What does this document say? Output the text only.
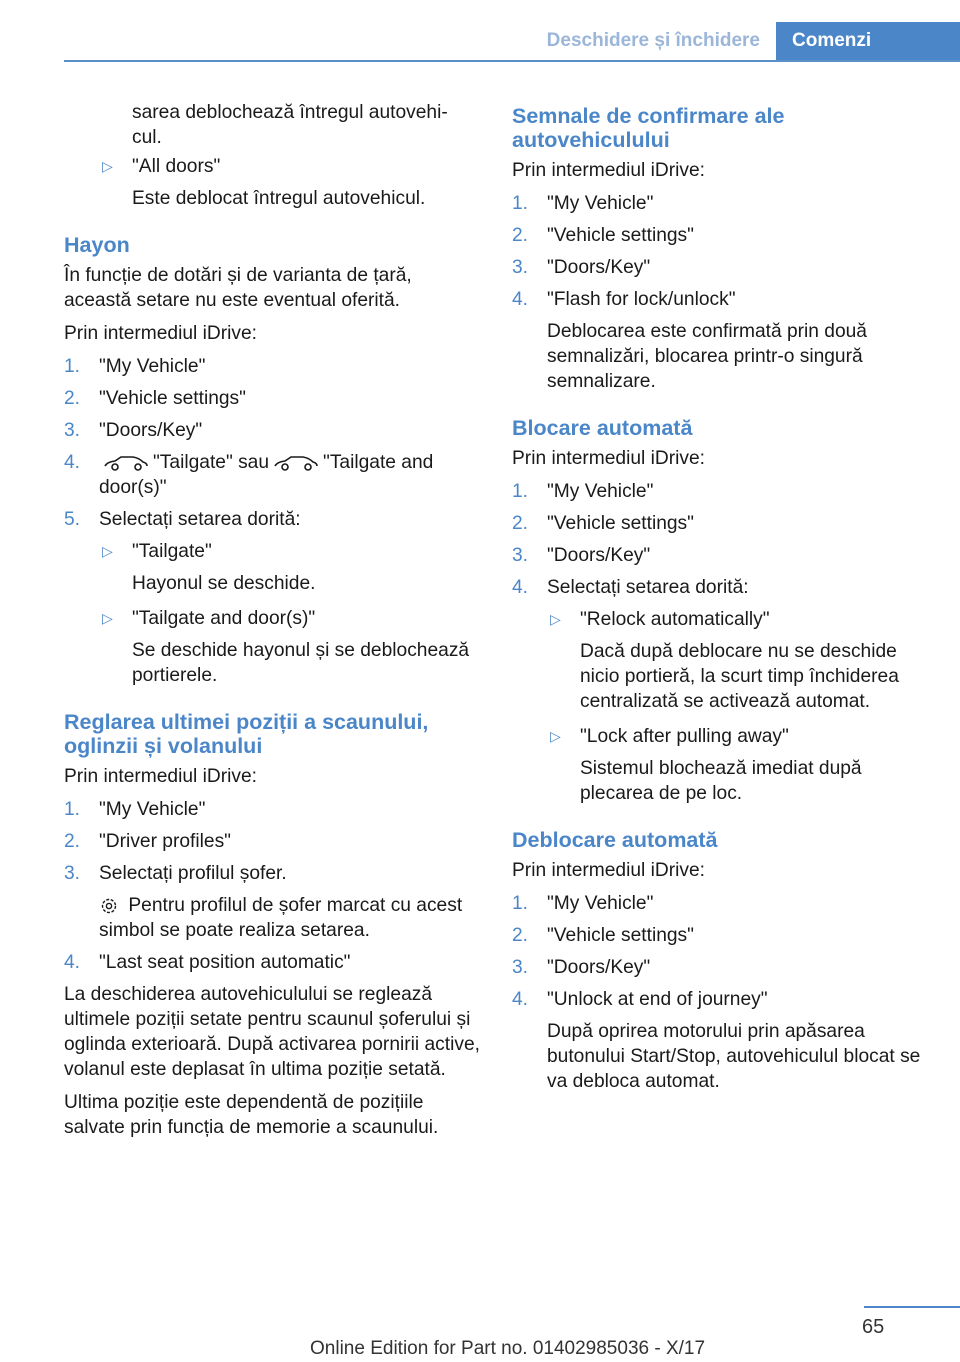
Deschidere și închidere	Comenzi
sarea deblochează întregul autovehi-
cul.
▷ "All doors"
Este deblocat întregul autovehicul.
Hayon

În funcție de dotări și de varianta de țară, această setare nu este eventual oferită.

Prin intermediul iDrive:

1. "My Vehicle"
2. "Vehicle settings"
3. "Doors/Key"
4.	"Tailgate" sau	"Tailgate and door(s)"
5. Selectați setarea dorită:
▷ "Tailgate"
Hayonul se deschide.
▷ "Tailgate and door(s)"
Se deschide hayonul și se deblochează portierele.
Reglarea ultimei poziții a scaunului, oglinzii și volanului

Prin intermediul iDrive:

1. "My Vehicle"
2. "Driver profiles"
3. Selectați profilul șofer.
Pentru profilul de șofer marcat cu acest simbol se poate realiza setarea.
4. "Last seat position automatic"

La deschiderea autovehiculului se reglează ultimele poziții setate pentru scaunul șoferului și oglinda exterioară. După activarea pornirii active, volanul este deplasat în ultima poziție setată.

Ultima poziție este dependentă de pozițiile salvate prin funcția de memorie a scaunului.

Semnale de confirmare ale autovehiculului

Prin intermediul iDrive:

1. "My Vehicle"
2. "Vehicle settings"
3. "Doors/Key"
4. "Flash for lock/unlock"
Deblocarea este confirmată prin două semnalizări, blocarea printr-o singură semnalizare.
Blocare automată

Prin intermediul iDrive:

1. "My Vehicle"
2. "Vehicle settings"
3. "Doors/Key"
4. Selectați setarea dorită:
▷ "Relock automatically"
Dacă după deblocare nu se deschide nicio portieră, la scurt timp închiderea centralizată se activează automat.
▷ "Lock after pulling away"
Sistemul blochează imediat după plecarea de pe loc.
Deblocare automată

Prin intermediul iDrive:

1. "My Vehicle"
2. "Vehicle settings"
3. "Doors/Key"
4. "Unlock at end of journey"
După oprirea motorului prin apăsarea butonului Start/Stop, autovehiculul blocat se va debloca automat.
65
Online Edition for Part no. 01402985036 - X/17
